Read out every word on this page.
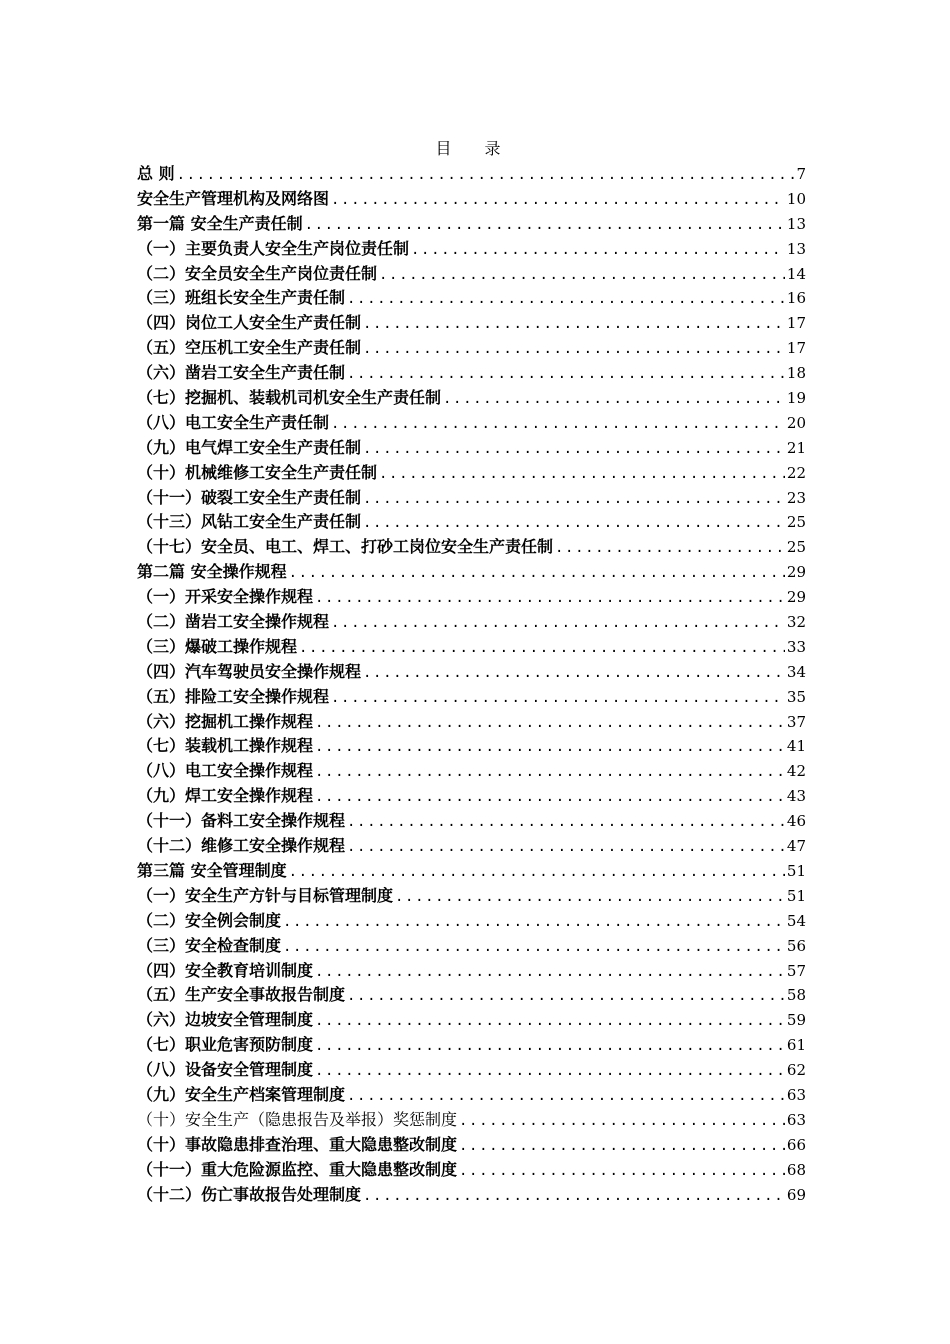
目 录
总 则 .....	7
安全生产管理机构及网络图 .....	10
第一篇 安全生产责任制 .....	13
（一）主要负责人安全生产岗位责任制 .....	13
（二）安全员安全生产岗位责任制 .....	14
（三）班组长安全生产责任制 .....	16
（四）岗位工人安全生产责任制 .....	17
（五）空压机工安全生产责任制 .....	17
（六）凿岩工安全生产责任制 .....	18
（七）挖掘机、装载机司机安全生产责任制 .....	19
（八）电工安全生产责任制 .....	20
（九）电气焊工安全生产责任制 .....	21
（十）机械维修工安全生产责任制 .....	22
（十一）破裂工安全生产责任制 .....	23
（十三）风钻工安全生产责任制 .....	25
（十七）安全员、电工、焊工、打砂工岗位安全生产责任制 .....	25
第二篇 安全操作规程 .....	29
（一）开采安全操作规程 .....	29
（二）凿岩工安全操作规程 .....	32
（三）爆破工操作规程 .....	33
（四）汽车驾驶员安全操作规程 .....	34
（五）排险工安全操作规程 .....	35
（六）挖掘机工操作规程 .....	37
（七）装载机工操作规程 .....	41
（八）电工安全操作规程 .....	42
（九）焊工安全操作规程 .....	43
（十一）备料工安全操作规程 .....	46
（十二）维修工安全操作规程 .....	47
第三篇 安全管理制度 .....	51
（一）安全生产方针与目标管理制度 .....	51
（二）安全例会制度 .....	54
（三）安全检查制度 .....	56
（四）安全教育培训制度 .....	57
（五）生产安全事故报告制度 .....	58
（六）边坡安全管理制度 .....	59
（七）职业危害预防制度 .....	61
（八）设备安全管理制度 .....	62
（九）安全生产档案管理制度 .....	63
（十）安全生产（隐患报告及举报）奖惩制度 .....	63
（十）事故隐患排查治理、重大隐患整改制度 .....	66
（十一）重大危险源监控、重大隐患整改制度 .....	68
（十二）伤亡事故报告处理制度 .....	69
